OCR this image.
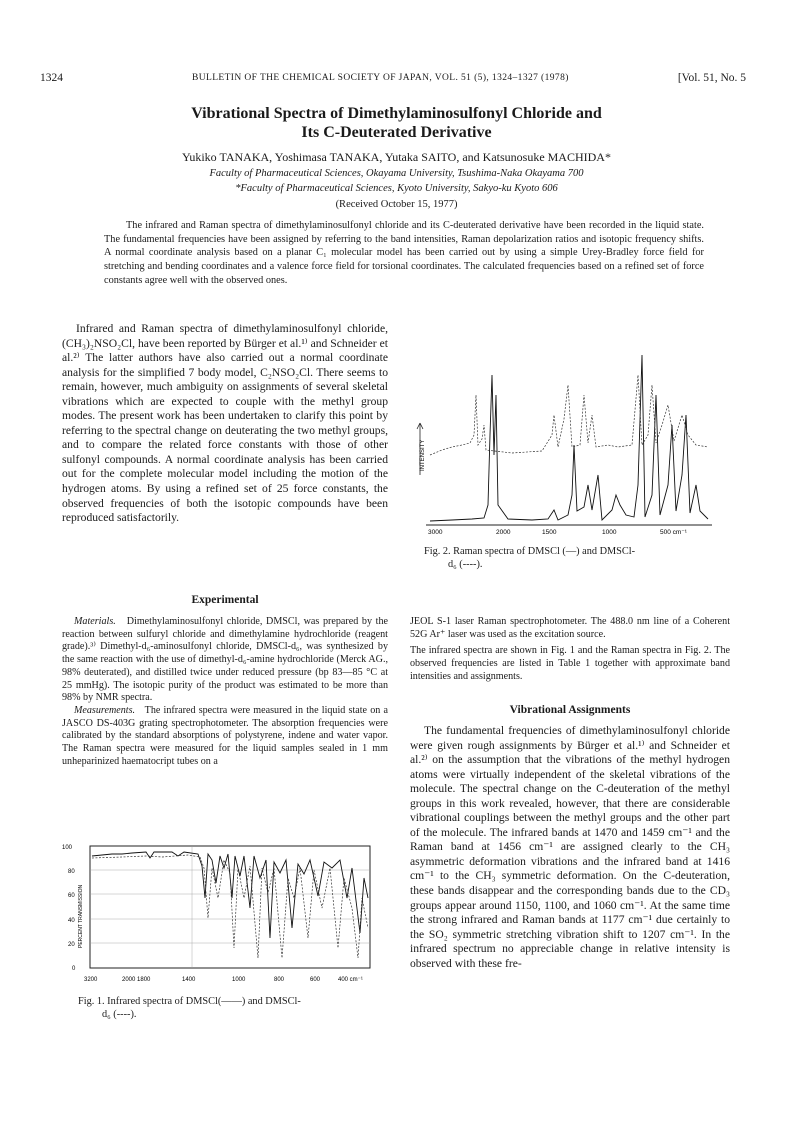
1324	BULLETIN OF THE CHEMICAL SOCIETY OF JAPAN, VOL. 51 (5), 1324–1327 (1978)	[Vol. 51, No. 5
Vibrational Spectra of Dimethylaminosulfonyl Chloride and
Its C-Deuterated Derivative
Yukiko TANAKA, Yoshimasa TANAKA, Yutaka SAITO, and Katsunosuke MACHIDA*
Faculty of Pharmaceutical Sciences, Okayama University, Tsushima-Naka Okayama 700
*Faculty of Pharmaceutical Sciences, Kyoto University, Sakyo-ku Kyoto 606
(Received October 15, 1977)
The infrared and Raman spectra of dimethylaminosulfonyl chloride and its C-deuterated derivative have been recorded in the liquid state. The fundamental frequencies have been assigned by referring to the band intensities, Raman depolarization ratios and isotopic frequency shifts. A normal coordinate analysis based on a planar C₁ molecular model has been carried out by using a simple Urey-Bradley force field for stretching and bending coordinates and a valence force field for torsional coordinates. The calculated frequencies based on a refined set of force constants agree well with the observed ones.

Infrared and Raman spectra of dimethylaminosulfonyl chloride, (CH₃)₂NSO₂Cl, have been reported by Bürger et al.¹⁾ and Schneider et al.²⁾ The latter authors have also carried out a normal coordinate analysis for the simplified 7 body model, C₂NSO₂Cl. There seems to remain, however, much ambiguity on assignments of several skeletal vibrations which are expected to couple with the methyl group modes. The present work has been undertaken to clarify this point by referring to the spectral change on deuterating the two methyl groups, and to compare the related force constants with those of other sulfonyl compounds. A normal coordinate analysis has been carried out for the complete molecular model including the motion of the hydrogen atoms. By using a refined set of 25 force constants, the observed frequencies of both the isotopic compounds have been reproduced satisfactorily.

Experimental

Materials. Dimethylaminosulfonyl chloride, DMSCl, was prepared by the reaction between sulfuryl chloride and dimethylamine hydrochloride (reagent grade).³⁾ Dimethyl-d₆-aminosulfonyl chloride, DMSCl-d₆, was synthesized by the same reaction with the use of dimethyl-d₆-amine hydrochloride (Merck AG., 98% deuterated), and distilled twice under reduced pressure (bp 83—85 °C at 25 mmHg). The isotopic purity of the product was estimated to be more than 98% by NMR spectra.

Measurements. The infrared spectra were measured in the liquid state on a JASCO DS-403G grating spectrophotometer. The absorption frequencies were calibrated by the standard absorptions of polystyrene, indene and water vapor. The Raman spectra were measured for the liquid samples sealed in 1 mm unheparinized haematocript tubes on a

100
80
60
40
20
0
PERCENT TRANSMISSION
3200	2000 1800	1400	1000	800	600	400 cm⁻¹
Fig. 1. Infrared spectra of DMSCl(——) and DMSCl-
d₆ (----).
INTENSITY
3000	2000	1500	1000	500 cm⁻¹
Fig. 2. Raman spectra of DMSCl (—) and DMSCl-
d₆ (----).

JEOL S-1 laser Raman spectrophotometer. The 488.0 nm line of a Coherent 52G Ar⁺ laser was used as the excitation source.

The infrared spectra are shown in Fig. 1 and the Raman spectra in Fig. 2. The observed frequencies are listed in Table 1 together with approximate band intensities and assignments.

Vibrational Assignments

The fundamental frequencies of dimethylaminosulfonyl chloride were given rough assignments by Bürger et al.¹⁾ and Schneider et al.²⁾ on the assumption that the vibrations of the methyl hydrogen atoms were virtually independent of the skeletal vibrations of the molecule. The spectral change on the C-deuteration of the methyl groups in this work revealed, however, that there are considerable vibrational couplings between the methyl groups and the other part of the molecule. The infrared bands at 1470 and 1459 cm⁻¹ and the Raman band at 1456 cm⁻¹ are assigned clearly to the CH₃ asymmetric deformation vibrations and the infrared band at 1416 cm⁻¹ to the CH₃ symmetric deformation. On the C-deuteration, these bands disappear and the corresponding bands due to the CD₃ groups appear around 1150, 1100, and 1060 cm⁻¹. At the same time the strong infrared and Raman bands at 1177 cm⁻¹ due certainly to the SO₂ symmetric stretching vibration shift to 1207 cm⁻¹. In the infrared spectrum no appreciable change in relative intensity is observed with these fre-
